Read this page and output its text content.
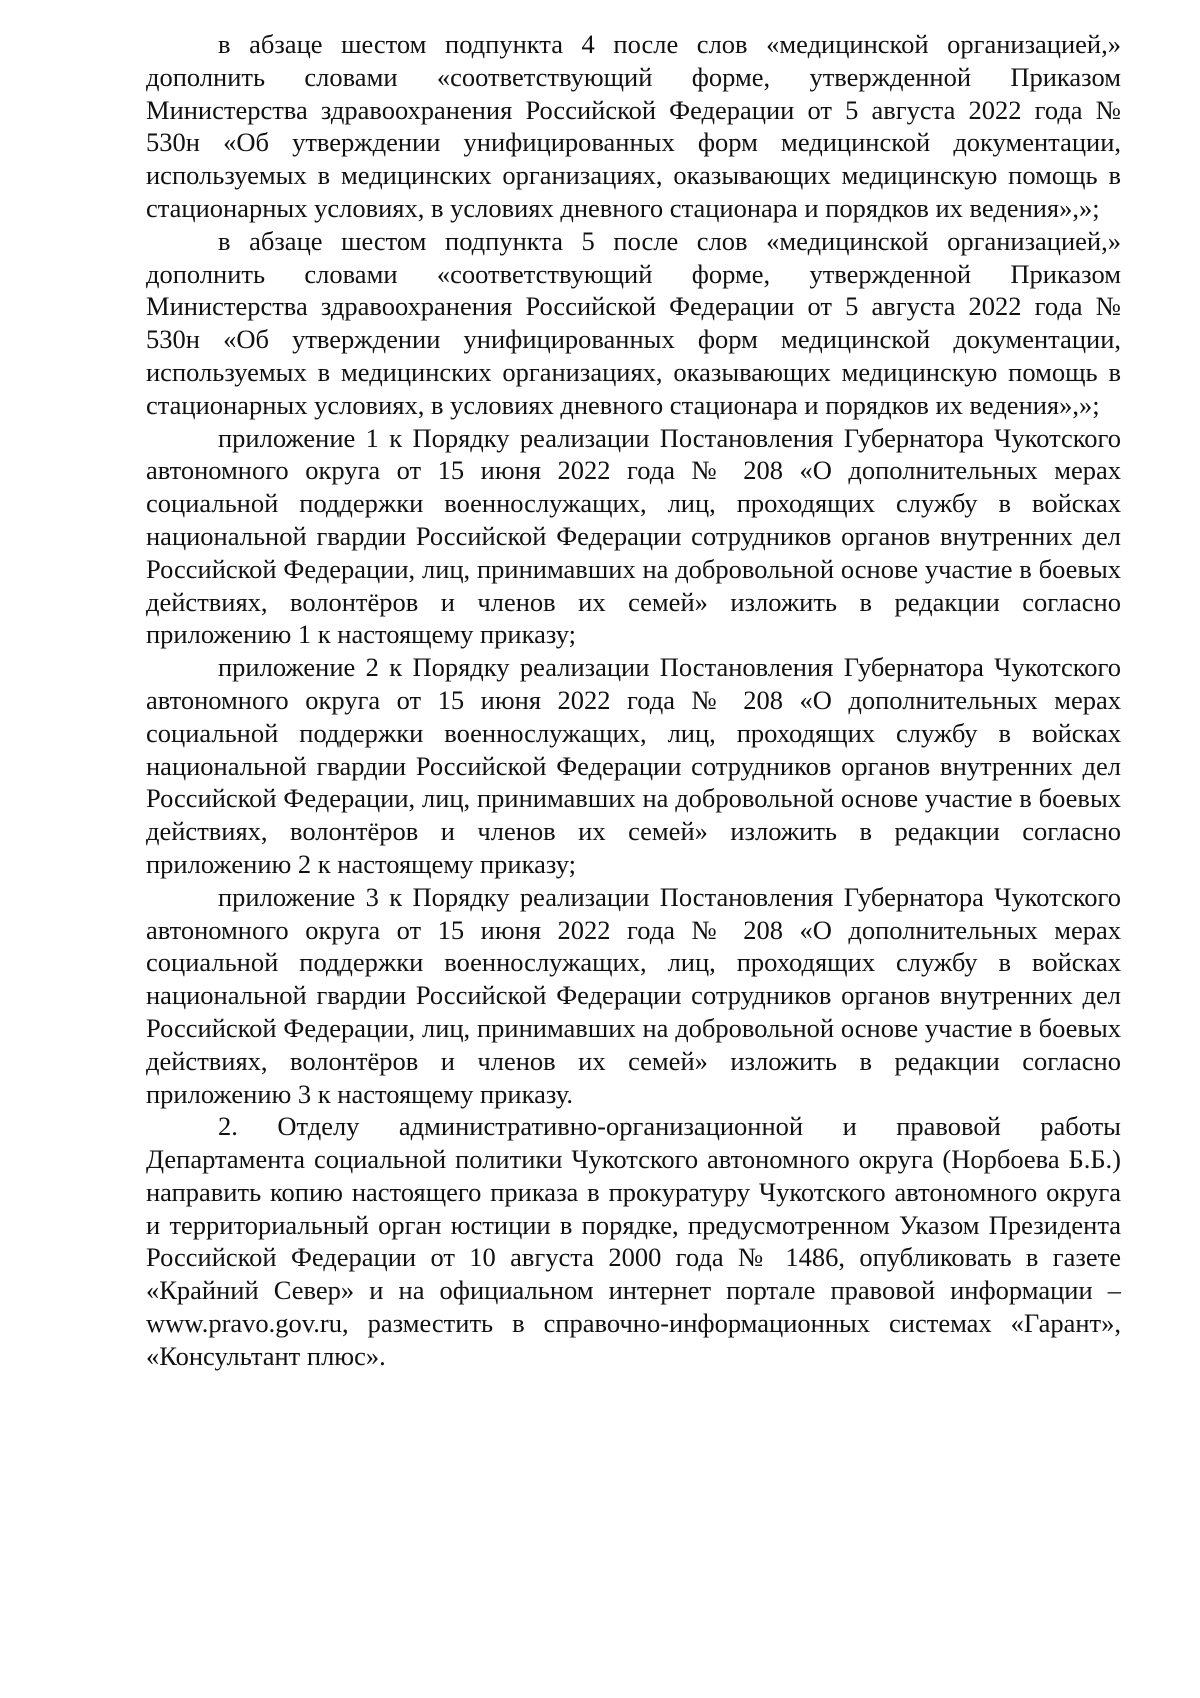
в абзаце шестом подпункта 4 после слов «медицинской организацией,» дополнить словами «соответствующий форме, утвержденной Приказом Министерства здравоохранения Российской Федерации от 5 августа 2022 года № 530н «Об утверждении унифицированных форм медицинской документации, используемых в медицинских организациях, оказывающих медицинскую помощь в стационарных условиях, в условиях дневного стационара и порядков их ведения»,»;

в абзаце шестом подпункта 5 после слов «медицинской организацией,» дополнить словами «соответствующий форме, утвержденной Приказом Министерства здравоохранения Российской Федерации от 5 августа 2022 года № 530н «Об утверждении унифицированных форм медицинской документации, используемых в медицинских организациях, оказывающих медицинскую помощь в стационарных условиях, в условиях дневного стационара и порядков их ведения»,»;

приложение 1 к Порядку реализации Постановления Губернатора Чукотского автономного округа от 15 июня 2022 года № 208 «О дополнительных мерах социальной поддержки военнослужащих, лиц, проходящих службу в войсках национальной гвардии Российской Федерации сотрудников органов внутренних дел Российской Федерации, лиц, принимавших на добровольной основе участие в боевых действиях, волонтёров и членов их семей» изложить в редакции согласно приложению 1 к настоящему приказу;

приложение 2 к Порядку реализации Постановления Губернатора Чукотского автономного округа от 15 июня 2022 года № 208 «О дополнительных мерах социальной поддержки военнослужащих, лиц, проходящих службу в войсках национальной гвардии Российской Федерации сотрудников органов внутренних дел Российской Федерации, лиц, принимавших на добровольной основе участие в боевых действиях, волонтёров и членов их семей» изложить в редакции согласно приложению 2 к настоящему приказу;

приложение 3 к Порядку реализации Постановления Губернатора Чукотского автономного округа от 15 июня 2022 года № 208 «О дополнительных мерах социальной поддержки военнослужащих, лиц, проходящих службу в войсках национальной гвардии Российской Федерации сотрудников органов внутренних дел Российской Федерации, лиц, принимавших на добровольной основе участие в боевых действиях, волонтёров и членов их семей» изложить в редакции согласно приложению 3 к настоящему приказу.

2. Отделу административно-организационной и правовой работы Департамента социальной политики Чукотского автономного округа (Норбоева Б.Б.) направить копию настоящего приказа в прокуратуру Чукотского автономного округа и территориальный орган юстиции в порядке, предусмотренном Указом Президента Российской Федерации от 10 августа 2000 года № 1486, опубликовать в газете «Крайний Север» и на официальном интернет портале правовой информации – www.pravo.gov.ru, разместить в справочно-информационных системах «Гарант», «Консультант плюс».
